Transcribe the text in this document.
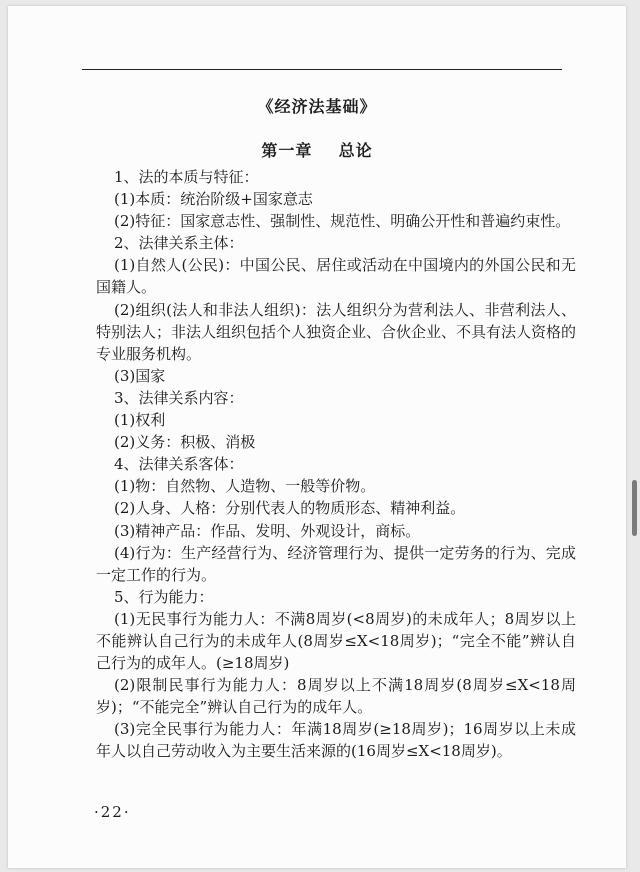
《经济法基础》
第一章    总论

1、法的本质与特征：

(1)本质：统治阶级+国家意志

(2)特征：国家意志性、强制性、规范性、明确公开性和普遍约束性。

2、法律关系主体：

(1)自然人(公民)：中国公民、居住或活动在中国境内的外国公民和无国籍人。

(2)组织(法人和非法人组织)：法人组织分为营利法人、非营利法人、特别法人；非法人组织包括个人独资企业、合伙企业、不具有法人资格的专业服务机构。

(3)国家

3、法律关系内容：

(1)权利

(2)义务：积极、消极

4、法律关系客体：

(1)物：自然物、人造物、一般等价物。

(2)人身、人格：分别代表人的物质形态、精神利益。

(3)精神产品：作品、发明、外观设计，商标。

(4)行为：生产经营行为、经济管理行为、提供一定劳务的行为、完成一定工作的行为。

5、行为能力：

(1)无民事行为能力人：不满8周岁(<8周岁)的未成年人；8周岁以上不能辨认自己行为的未成年人(8周岁≤X<18周岁)；“完全不能”辨认自己行为的成年人。(≥18周岁)

(2)限制民事行为能力人：8周岁以上不满18周岁(8周岁≤X<18周岁)；“不能完全”辨认自己行为的成年人。

(3)完全民事行为能力人：年满18周岁(≥18周岁)；16周岁以上未成年人以自己劳动收入为主要生活来源的(16周岁≤X<18周岁)。

·22·
